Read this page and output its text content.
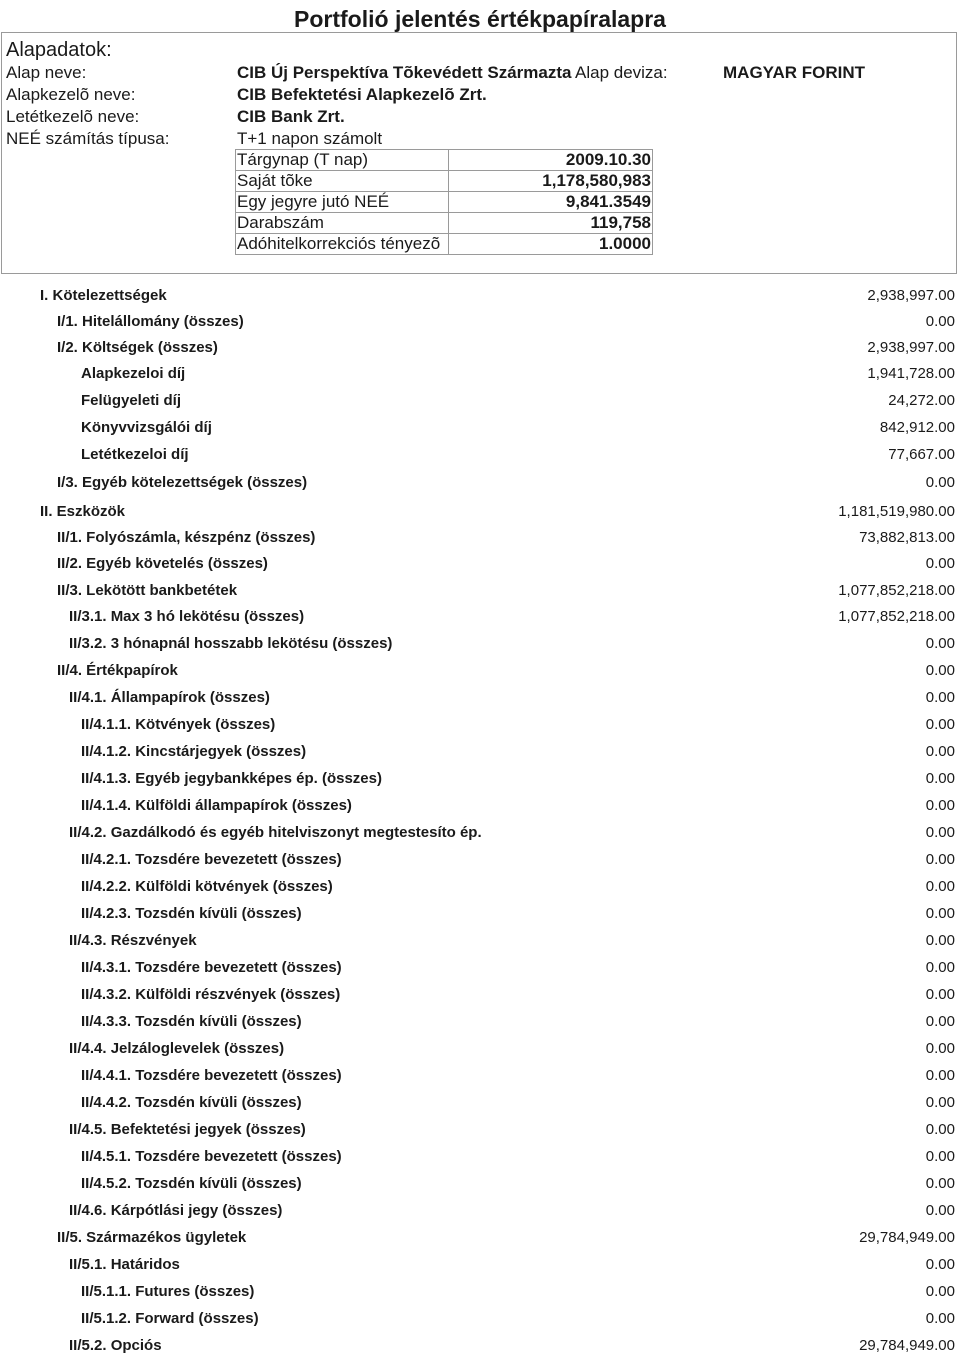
Portfolió jelentés értékpapíralapra
Alapadatok:
Alap neve:	CIB Új Perspektíva Tõkevédett Származta Alap deviza:	MAGYAR FORINT
Alapkezelõ neve:	CIB Befektetési Alapkezelõ Zrt.
Letétkezelõ neve:	CIB Bank Zrt.
NEÉ számítás típusa:	T+1 napon számolt
Tárgynap (T nap)	2009.10.30
Saját tõke	1,178,580,983
Egy jegyre jutó NEÉ	9,841.3549
Darabszám	119,758
Adóhitelkorrekciós tényezõ	1.0000
I. Kötelezettségek	2,938,997.00
I/1. Hitelállomány (összes)	0.00
I/2. Költségek (összes)	2,938,997.00
Alapkezeloi díj	1,941,728.00
Felügyeleti díj	24,272.00
Könyvvizsgálói díj	842,912.00
Letétkezeloi díj	77,667.00
I/3. Egyéb kötelezettségek (összes)	0.00
II. Eszközök	1,181,519,980.00
II/1. Folyószámla, készpénz (összes)	73,882,813.00
II/2. Egyéb követelés (összes)	0.00
II/3. Lekötött bankbetétek	1,077,852,218.00
II/3.1. Max 3 hó lekötésu (összes)	1,077,852,218.00
II/3.2. 3 hónapnál hosszabb lekötésu (összes)	0.00
II/4. Értékpapírok	0.00
II/4.1. Állampapírok (összes)	0.00
II/4.1.1. Kötvények (összes)	0.00
II/4.1.2. Kincstárjegyek (összes)	0.00
II/4.1.3. Egyéb jegybankképes ép. (összes)	0.00
II/4.1.4. Külföldi állampapírok (összes)	0.00
II/4.2. Gazdálkodó és egyéb hitelviszonyt megtestesíto ép.	0.00
II/4.2.1. Tozsdére bevezetett (összes)	0.00
II/4.2.2. Külföldi kötvények (összes)	0.00
II/4.2.3. Tozsdén kívüli (összes)	0.00
II/4.3. Részvények	0.00
II/4.3.1. Tozsdére bevezetett (összes)	0.00
II/4.3.2. Külföldi részvények (összes)	0.00
II/4.3.3. Tozsdén kívüli (összes)	0.00
II/4.4. Jelzáloglevelek (összes)	0.00
II/4.4.1. Tozsdére bevezetett (összes)	0.00
II/4.4.2. Tozsdén kívüli (összes)	0.00
II/4.5. Befektetési jegyek (összes)	0.00
II/4.5.1. Tozsdére bevezetett (összes)	0.00
II/4.5.2. Tozsdén kívüli (összes)	0.00
II/4.6. Kárpótlási jegy (összes)	0.00
II/5. Származékos ügyletek	29,784,949.00
II/5.1. Határidos	0.00
II/5.1.1. Futures (összes)	0.00
II/5.1.2. Forward (összes)	0.00
II/5.2. Opciós	29,784,949.00
